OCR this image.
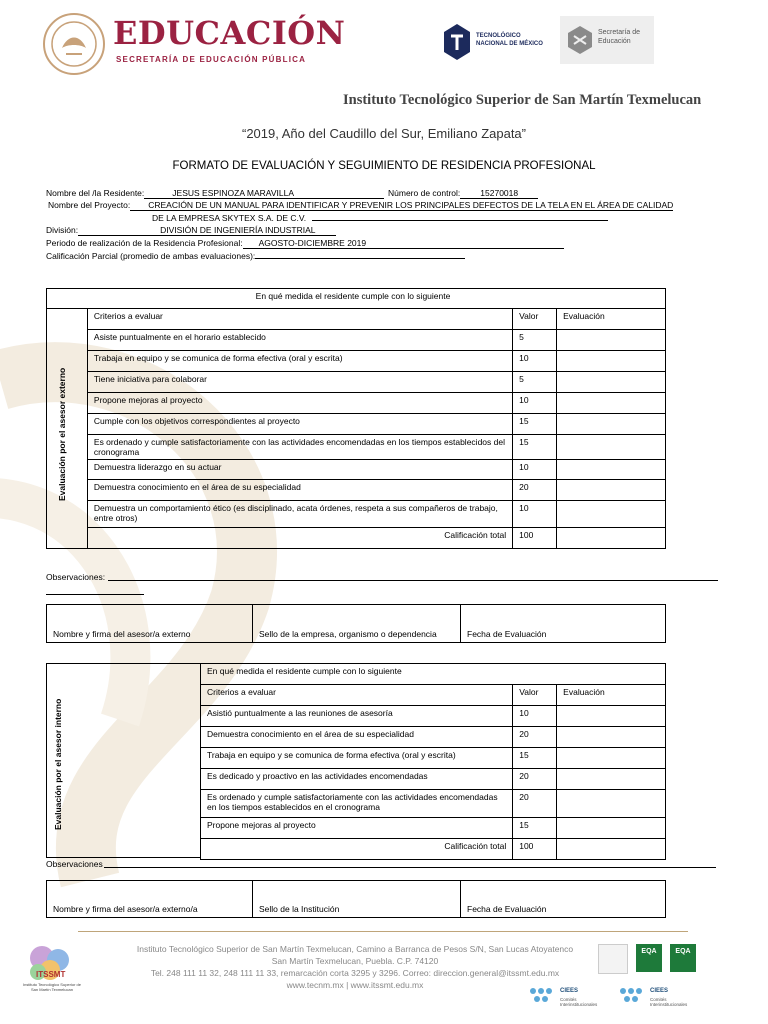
EDUCACIÓN
SECRETARÍA DE EDUCACIÓN PÚBLICA
TECNOLÓGICO NACIONAL DE MÉXICO
Secretaría de Educación
Instituto Tecnológico Superior de San Martín Texmelucan
“2019, Año del Caudillo del Sur, Emiliano Zapata”
FORMATO DE EVALUACIÓN Y SEGUIMIENTO DE RESIDENCIA PROFESIONAL
Nombre del /la Residente:	JESUS ESPINOZA MARAVILLA	Número de control: 15270018
Nombre del Proyecto: CREACIÓN DE UN MANUAL PARA IDENTIFICAR Y PREVENIR LOS PRINCIPALES DEFECTOS DE LA TELA EN EL ÁREA DE CALIDAD
DE LA EMPRESA SKYTEX S.A. DE C.V.
División:	DIVISIÓN DE INGENIERÍA INDUSTRIAL
Periodo de realización de la Residencia Profesional: AGOSTO-DICIEMBRE 2019
Calificación Parcial (promedio de ambas evaluaciones):
En qué medida el residente cumple con lo siguiente			

Evaluación por el asesor externo	Criterios a evaluar	Valor	Evaluación
	Asiste puntualmente en el horario establecido	5	
	Trabaja en equipo y se comunica de forma efectiva (oral y escrita)	10	
	Tiene iniciativa para colaborar	5	
	Propone mejoras al proyecto	10	
	Cumple con los objetivos correspondientes al proyecto	15	
	Es ordenado y cumple satisfactoriamente con las actividades encomendadas en los tiempos establecidos del cronograma	15	
	Demuestra liderazgo en su actuar	10	
	Demuestra conocimiento en el área de su especialidad	20	
	Demuestra un comportamiento ético (es disciplinado, acata órdenes, respeta a sus compañeros de trabajo, entre otros)	10	
	Calificación total	100	
Observaciones:
Nombre y firma del asesor/a externo	Sello de la empresa, organismo o dependencia	Fecha de Evaluación
Evaluación por el asesor interno
En qué medida el residente cumple con lo siguiente		
Criterios a evaluar	Valor	Evaluación
Asistió puntualmente a las reuniones de asesoría	10	
Demuestra conocimiento en el área de su especialidad	20	
Trabaja en equipo y se comunica de forma efectiva (oral y escrita)	15	
Es dedicado y proactivo en las actividades encomendadas	20	
Es ordenado y cumple satisfactoriamente con las actividades encomendadas en los tiempos establecidos en el cronograma	20	
Propone mejoras al proyecto	15	
Calificación total	100	
Observaciones
Nombre y firma del asesor/a externo/a	Sello de la Institución	Fecha de Evaluación
ITSSMT
Instituto Tecnológico Superior de San Martín Texmelucan
Instituto Tecnológico Superior de San Martín Texmelucan, Camino a Barranca de Pesos S/N, San Lucas Atoyatenco
San Martín Texmelucan, Puebla. C.P. 74120
Tel. 248 111 11 32, 248 111 11 33, remarcación corta 3295 y 3296. Correo: direccion.general@itssmt.edu.mx
www.tecnm.mx | www.itssmt.edu.mx
EQA	EQA
CIEES
Comités Interinstitucionales
CIEES
Comités Interinstitucionales
